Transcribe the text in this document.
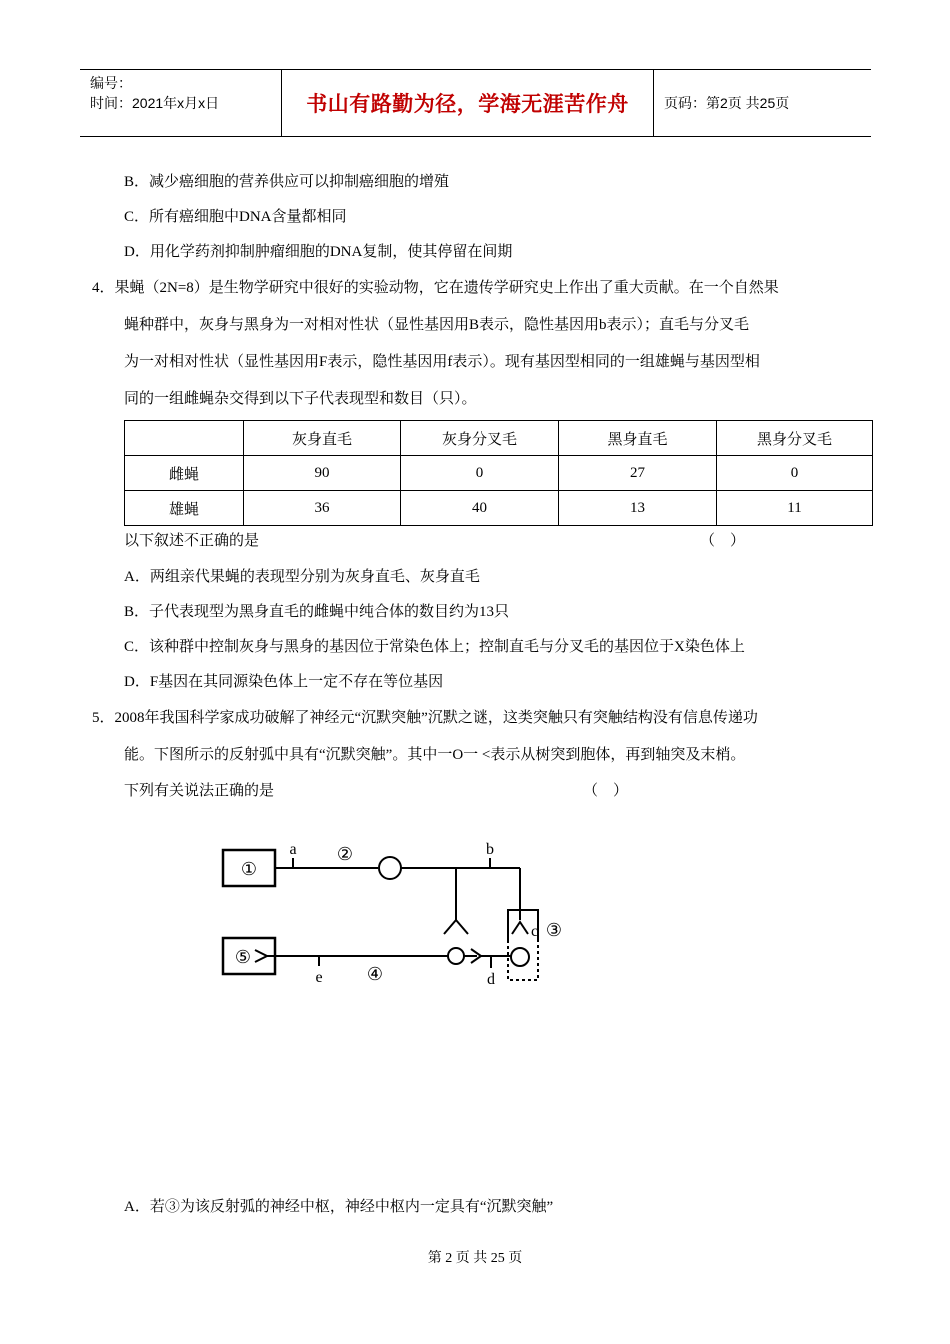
编号：
时间：2021年x月x日	书山有路勤为径，学海无涯苦作舟	页码：第2页 共25页
B．减少癌细胞的营养供应可以抑制癌细胞的增殖
C．所有癌细胞中DNA含量都相同
D．用化学药剂抑制肿瘤细胞的DNA复制，使其停留在间期
4．果蝇（2N=8）是生物学研究中很好的实验动物，它在遗传学研究史上作出了重大贡献。在一个自然果
蝇种群中，灰身与黑身为一对相对性状（显性基因用B表示，隐性基因用b表示）；直毛与分叉毛
为一对相对性状（显性基因用F表示，隐性基因用f表示）。现有基因型相同的一组雄蝇与基因型相
同的一组雌蝇杂交得到以下子代表现型和数目（只）。
	灰身直毛	灰身分叉毛	黑身直毛	黑身分叉毛
雌蝇	90	0	27	0
雄蝇	36	40	13	11
以下叙述不正确的是	（    ）
A．两组亲代果蝇的表现型分别为灰身直毛、灰身直毛
B．子代表现型为黑身直毛的雌蝇中纯合体的数目约为13只
C．该种群中控制灰身与黑身的基因位于常染色体上；控制直毛与分叉毛的基因位于X染色体上
D．F基因在其同源染色体上一定不存在等位基因
5．2008年我国科学家成功破解了神经元“沉默突触”沉默之谜，这类突触只有突触结构没有信息传递功
能。下图所示的反射弧中具有“沉默突触”。其中一O一 <表示从树突到胞体，再到轴突及末梢。
下列有关说法正确的是	（    ）
①
a ②	b
c ③
⑤
e ④	d
A．若③为该反射弧的神经中枢，神经中枢内一定具有“沉默突触”
第 2 页 共 25 页
